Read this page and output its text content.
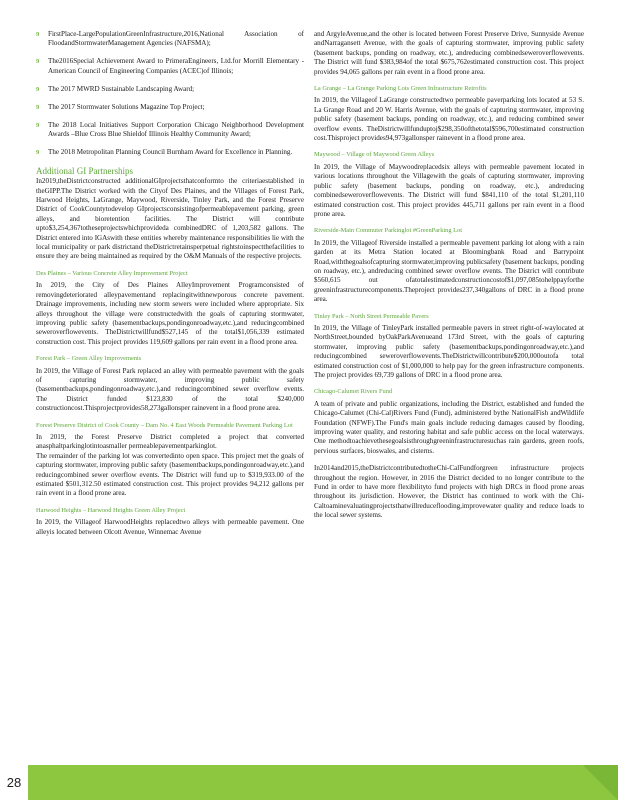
9 FirstPlace-LargePopulationGreenInfrastructure,2016,National Association of FloodandStormwaterManagement Agencies (NAFSMA);
9 The2016Special Achievement Award to PrimeraEngineers, Ltd.for Morrill Elementary - American Council of Engineering Companies (ACEC)of Illinois;
9 The 2017 MWRD Sustainable Landscaping Award;
9 The 2017 Stormwater Solutions Magazine Top Project;
9 The 2018 Local Initiatives Support Corporation Chicago Neighborhood Development Awards –Blue Cross Blue Shieldof Illinois Healthy Community Award;
9 The 2018 Metropolitan Planning Council Burnham Award for Excellence in Planning.
Additional GI Partnerships

In2019,theDistrictconstructed additionalGIprojectsthatconformto the criteriaestablished in theGIPP.The District worked with the Cityof Des Plaines, and the Villages of Forest Park, Harwood Heights, LaGrange, Maywood, Riverside, Tinley Park, and the Forest Preserve District of CookCountytodevelop GIprojectsconsistingofpermeablepavement parking, green alleys, and bioretention facilities. The District will contribute upto$3,254,367totheseprojectswhichprovideda combinedDRC of 1,203,582 gallons. The District entered into IGAswith these entities whereby maintenance responsibilities lie with the local municipality or park districtand theDistrictretainsperpetual rightstoinspectthefacilities to ensure they are being maintained as required by the O&M Manuals of the respective projects.

Des Plaines – Various Concrete Alley Improvement Project

In 2019, the City of Des Plaines AlleyImprovement Programconsisted of removingdeteriorated alleypavementand replacingitwithnewporous concrete pavement. Drainage improvements, including new storm sewers were included where appropriate. Six alleys throughout the village were constructedwith the goals of capturing stormwater, improving public safety (basementbackups,pondingonroadway,etc.),and reducingcombined seweroverflowevents. TheDistrictwillfund$527,145 of the total$1,056,339 estimated construction cost. This project provides 119,609 gallons per rain event in a flood prone area.

Forest Park – Green Alley Improvements

In 2019, the Village of Forest Park replaced an alley with permeable pavement with the goals of capturing stormwater, improving public safety (basementbackups,pondingonroadway,etc.),and reducingcombined sewer overflow events. The District funded $123,830 of the total $240,000 constructioncost.Thisprojectprovides58,273gallonsper rainevent in a flood prone area.

Forest Preserve District of Cook County – Dam No. 4 East Woods Permeable Pavement Parking Lot

In 2019, the Forest Preserve District completed a project that converted anasphaltparkinglotintoasmaller permeablepavementparkinglot.

The remainder of the parking lot was convertedinto open space. This project met the goals of capturing stormwater, improving public safety (basementbackups,pondingonroadway,etc.),and reducingcombined sewer overflow events. The District will fund up to $319,933.00 of the estimated $501,312.50 estimated construction cost. This project provides 94,212 gallons per rain event in a flood prone area.

Harwood Heights – Harwood Heights Green Alley Project

In 2019, the Villageof HarwoodHeights replacedtwo alleys with permeable pavement. One alleyis located between Olcott Avenue, Winnemac Avenue

and ArgyleAvenue,and the other is located between Forest Preserve Drive, Sunnyside Avenue andNarragansett Avenue, with the goals of capturing stormwater, improving public safety (basement backups, ponding on roadway, etc.), andreducing combinedseweroverflowevents. The District will fund $383,984of the total $675,762estimated construction cost. This project provides 94,065 gallons per rain event in a flood prone area.

La Grange – La Grange Parking Lots Green Infrastructure Retrofits

In 2019, the Villageof LaGrange constructedtwo permeable paverparking lots located at 53 S. La Grange Road and 20 W. Harris Avenue, with the goals of capturing stormwater, improving public safety (basement backups, ponding on roadway, etc.), and reducing combined sewer overflow events. TheDistrictwillfunduptoj$298,350ofthetotal$596,700estimated construction cost.Thisproject provides94,973gallonsper rainevent in a flood prone area.

Maywood – Village of Maywood Green Alleys

In 2019, the Village of Maywoodreplacedsix alleys with permeable pavement located in various locations throughout the Villagewith the goals of capturing stormwater, improving public safety (basement backups, ponding on roadway, etc.), andreducing combinedseweroverflowevents. The District will fund $841,110 of the total $1,201,110 estimated construction cost. This project provides 445,711 gallons per rain event in a flood prone area.

Riverside-Main Commuter Parkinglot #GreenParking Lot

In 2019, the Villageof Riverside installed a permeable pavement parking lot along with a rain garden at its Metra Station located at Bloomingbank Road and Barrypoint Road,withthegoalsofcapturing stormwater,improving publicsafety (basement backups, ponding on roadway, etc.), andreducing combined sewer overflow events. The District will contribute $560,615 out ofatotalestimatedconstructioncostof$1,097,085tohelppayforthe greeninfrastructurecomponents.Theproject provides237,340gallons of DRC in a flood prone area.

Tinley Park – North Street Permeable Pavers

In 2019, the Village of TinleyPark installed permeable pavers in street right-of-waylocated at NorthStreet,bounded byOakParkAvenueand 173rd Street, with the goals of capturing stormwater, improving public safety (basementbackups,pondingonroadway,etc.),and reducingcombined seweroverflowevents.TheDistrictwillcontribute$200,000outofa total estimated construction cost of $1,000,000 to help pay for the green infrastructure components. The project provides 69,739 gallons of DRC in a flood prone area.

Chicago-Calumet Rivers Fund

A team of private and public organizations, including the District, established and funded the Chicago-Calumet (Chi-Cal)Rivers Fund (Fund), administered bythe NationalFish andWildlife Foundation (NFWF).The Fund's main goals include reducing damages caused by flooding, improving water quality, and restoring habitat and safe public access on the local waterways. One methodtoachievethesegoalsisthroughgreeninfrastructuresuchas rain gardens, green roofs, pervious surfaces, bioswales, and cisterns.

In2014and2015,theDistrictcontributedtotheChi-CalFundforgreen infrastructure projects throughout the region. However, in 2016 the District decided to no longer contribute to the Fund in order to have more flexibilityto fund projects with high DRCs in flood prone areas throughout its jurisdiction. However, the District has continued to work with the Chi-Caltoaminevaluatingprojectsthatwillreduceflooding,improvewater quality and reduce loads to the local sewer systems.

28
